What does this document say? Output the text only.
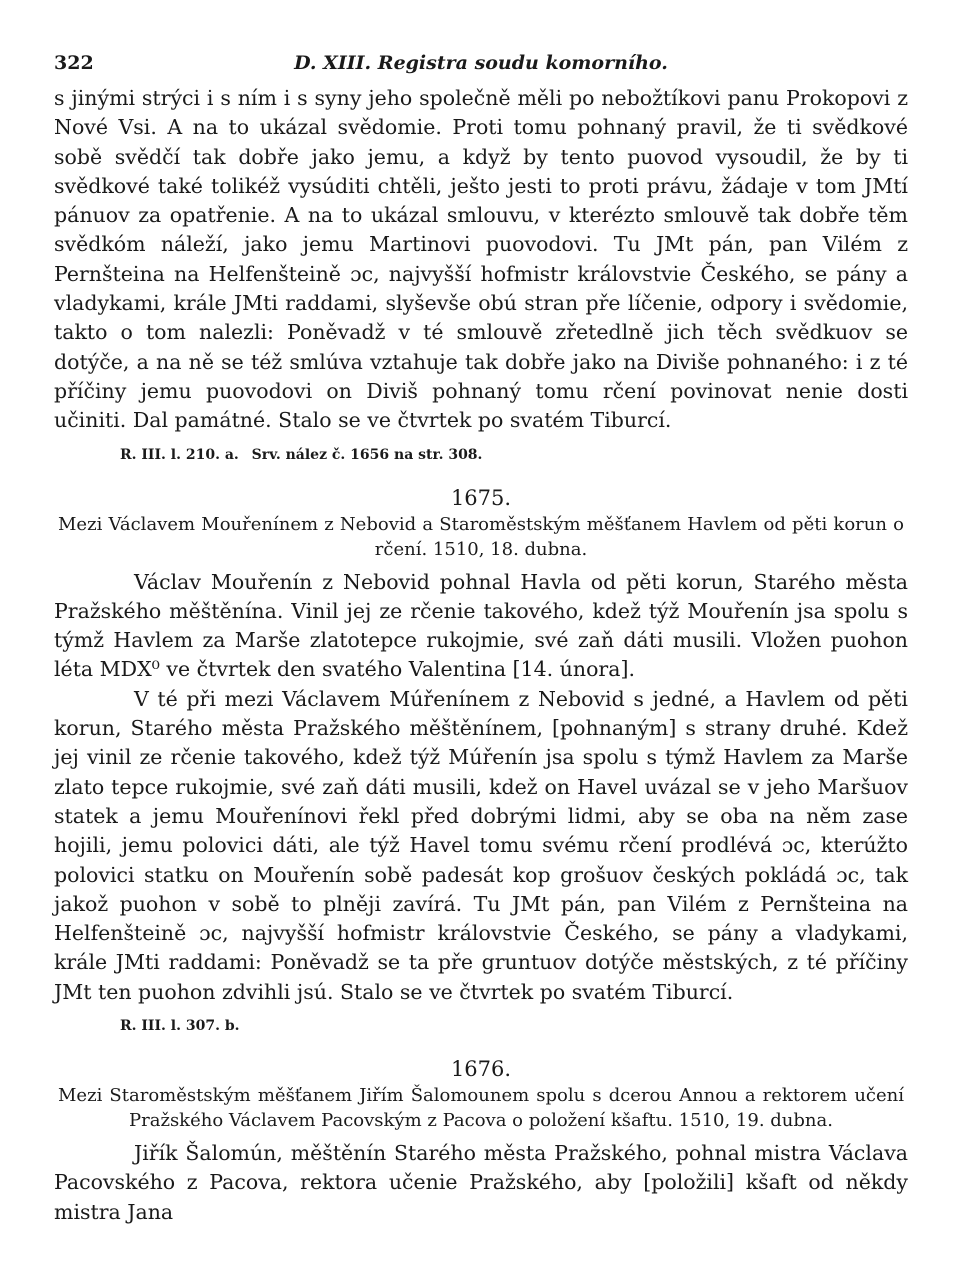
322	D. XIII. Registra soudu komorního.

s jinými strýci i s ním i s syny jeho společně měli po nebožtíkovi panu Prokopovi z Nové Vsi. A na to ukázal svědomie. Proti tomu pohnaný pravil, že ti svědkové sobě svědčí tak dobře jako jemu, a když by tento puovod vysoudil, že by ti svědkové také tolikéž vysúditi chtěli, ješto jesti to proti právu, žádaje v tom JMtí pánuov za opatřenie. A na to ukázal smlouvu, v kterézto smlouvě tak dobře těm svědkóm náleží, jako jemu Martinovi puovodovi. Tu JMt pán, pan Vilém z Pernšteina na Helfenšteině ɔc, najvyšší hofmistr královstvie Českého, se pány a vladykami, krále JMti raddami, slyševše obú stran pře líčenie, odpory i svědomie, takto o tom nalezli: Poněvadž v té smlouvě zřetedlně jich těch svědkuov se dotýče, a na ně se též smlúva vztahuje tak dobře jako na Diviše pohnaného: i z té příčiny jemu puovodovi on Diviš pohnaný tomu rčení povinovat nenie dosti učiniti. Dal památné. Stalo se ve čtvrtek po svatém Tiburcí.

R. III. l. 210. a. Srv. nález č. 1656 na str. 308.
1675.
Mezi Václavem Mouřenínem z Nebovid a Staroměstským měšťanem Havlem od pěti korun o rčení. 1510, 18. dubna.

Václav Mouřenín z Nebovid pohnal Havla od pěti korun, Starého města Pražského měštěnína. Vinil jej ze rčenie takového, kdež týž Mouřenín jsa spolu s týmž Havlem za Marše zlatotepce rukojmie, své zaň dáti musili. Vložen puohon léta MDX⁰ ve čtvrtek den svatého Valentina [14. února].

V té při mezi Václavem Múřenínem z Nebovid s jedné, a Havlem od pěti korun, Starého města Pražského měštěnínem, [pohnaným] s strany druhé. Kdež jej vinil ze rčenie takového, kdež týž Múřenín jsa spolu s týmž Havlem za Marše zlato tepce rukojmie, své zaň dáti musili, kdež on Havel uvázal se v jeho Maršuov statek a jemu Mouřenínovi řekl před dobrými lidmi, aby se oba na něm zase hojili, jemu polovici dáti, ale týž Havel tomu svému rčení prodlévá ɔc, kterúžto polovici statku on Mouřenín sobě padesát kop grošuov českých pokládá ɔc, tak jakož puohon v sobě to plněji zavírá. Tu JMt pán, pan Vilém z Pernšteina na Helfenšteině ɔc, najvyšší hofmistr královstvie Českého, se pány a vladykami, krále JMti raddami: Poněvadž se ta pře gruntuov dotýče městských, z té příčiny JMt ten puohon zdvihli jsú. Stalo se ve čtvrtek po svatém Tiburcí.

R. III. l. 307. b.
1676.
Mezi Staroměstským měšťanem Jiřím Šalomounem spolu s dcerou Annou a rektorem učení Pražského Václavem Pacovským z Pacova o položení kšaftu. 1510, 19. dubna.

Jiřík Šalomún, měštěnín Starého města Pražského, pohnal mistra Václava Pacovského z Pacova, rektora učenie Pražského, aby [položili] kšaft od někdy mistra Jana
